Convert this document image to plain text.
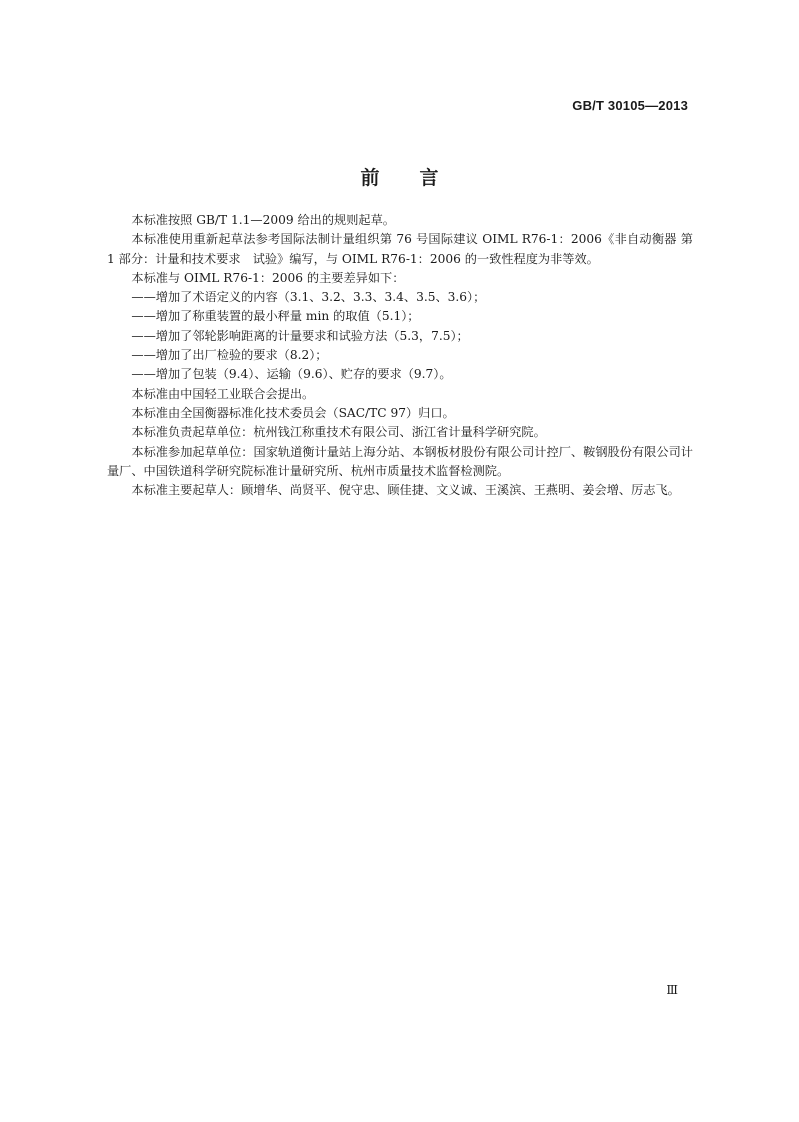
GB/T 30105—2013
前言

本标准按照 GB/T 1.1—2009 给出的规则起草。

本标准使用重新起草法参考国际法制计量组织第 76 号国际建议 OIML R76-1：2006《非自动衡器 第 1 部分：计量和技术要求　试验》编写，与 OIML R76-1：2006 的一致性程度为非等效。

本标准与 OIML R76-1：2006 的主要差异如下：

——增加了术语定义的内容（3.1、3.2、3.3、3.4、3.5、3.6）；

——增加了称重装置的最小秤量 min 的取值（5.1）；

——增加了邻轮影响距离的计量要求和试验方法（5.3，7.5）；

——增加了出厂检验的要求（8.2）；

——增加了包装（9.4）、运输（9.6）、贮存的要求（9.7）。

本标准由中国轻工业联合会提出。

本标准由全国衡器标准化技术委员会（SAC/TC 97）归口。

本标准负责起草单位：杭州钱江称重技术有限公司、浙江省计量科学研究院。

本标准参加起草单位：国家轨道衡计量站上海分站、本钢板材股份有限公司计控厂、鞍钢股份有限公司计量厂、中国铁道科学研究院标准计量研究所、杭州市质量技术监督检测院。

本标准主要起草人：顾增华、尚贤平、倪守忠、顾佳捷、文义诚、王溪滨、王燕明、姜会增、厉志飞。

Ⅲ
